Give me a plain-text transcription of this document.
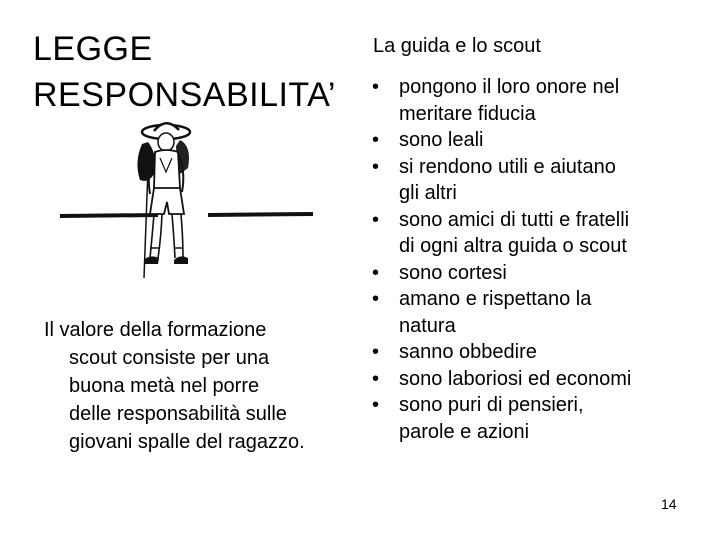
LEGGE
RESPONSABILITA’

Il valore della formazione
scout consiste per una
buona metà nel porre
delle responsabilità sulle
giovani spalle del ragazzo.

La guida e lo scout

• pongono il loro onore nel
meritare fiducia
• sono leali
• si rendono utili e aiutano
gli altri
• sono amici di tutti e fratelli
di ogni altra guida o scout
• sono cortesi
• amano e rispettano la
natura
• sanno obbedire
• sono laboriosi ed economi
• sono puri di pensieri,
parole e azioni

14
